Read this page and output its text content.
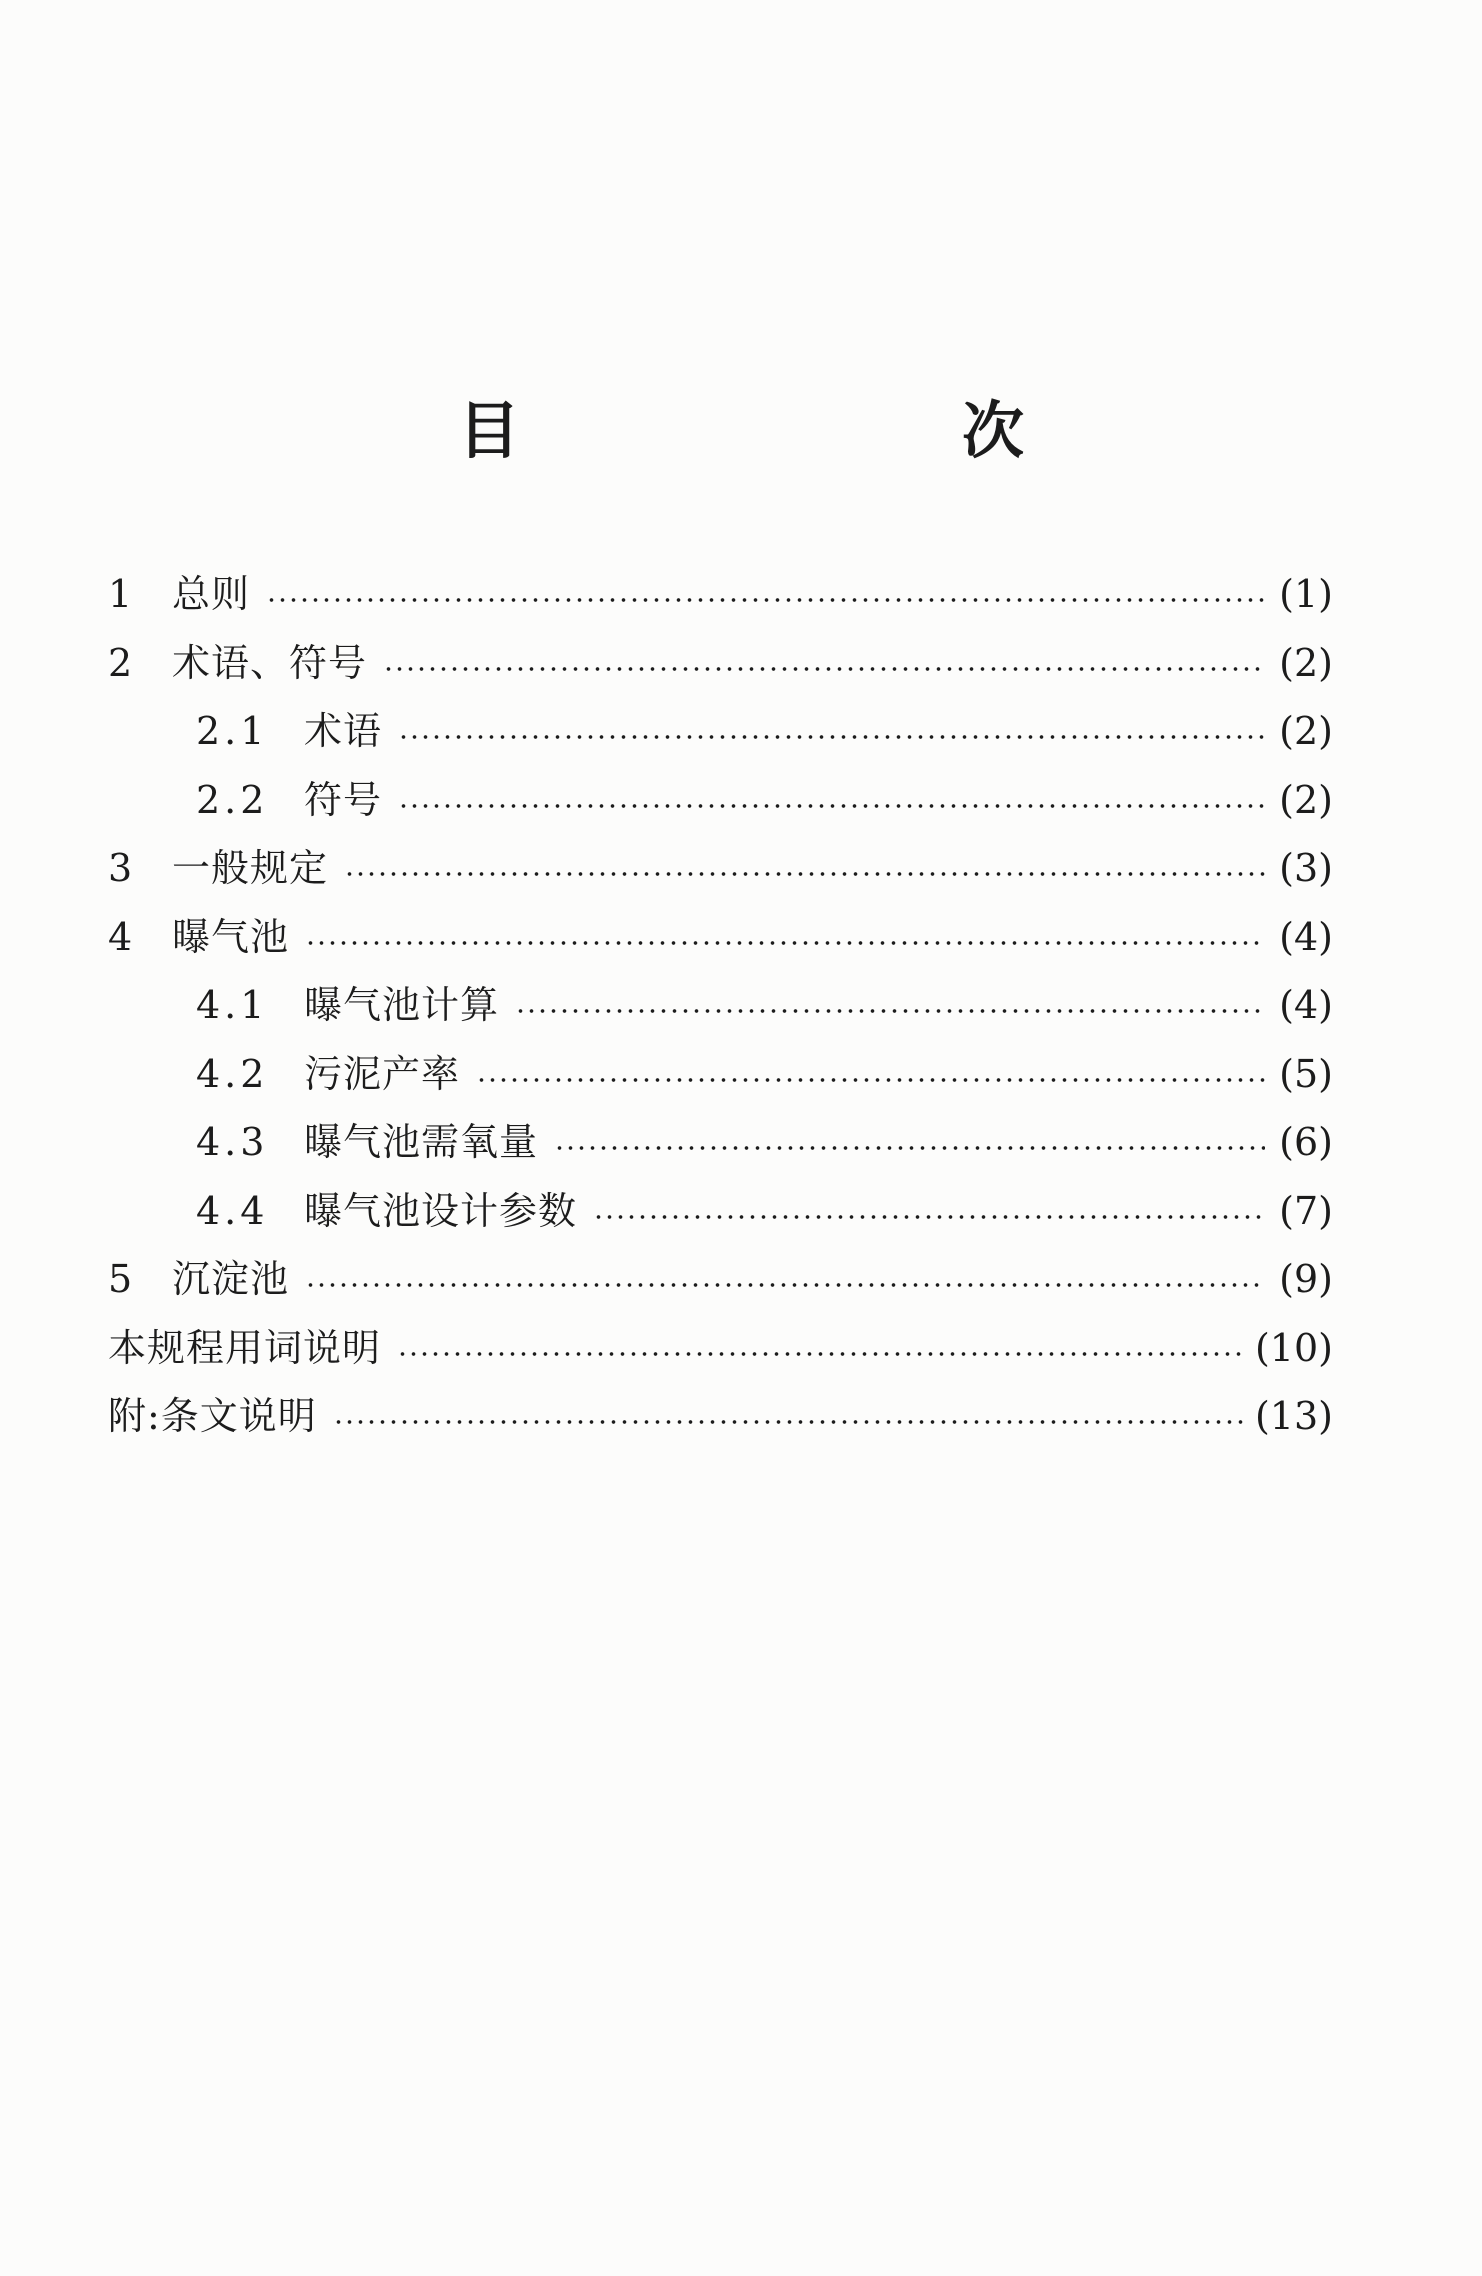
目　次
1	总则	(1)
2	术语、符号	(2)
2.1 术语	(2)
2.2 符号	(2)
3	一般规定	(3)
4	曝气池	(4)
4.1 曝气池计算	(4)
4.2 污泥产率	(5)
4.3 曝气池需氧量	(6)
4.4 曝气池设计参数	(7)
5	沉淀池	(9)
本规程用词说明	(10)
附:条文说明	(13)
